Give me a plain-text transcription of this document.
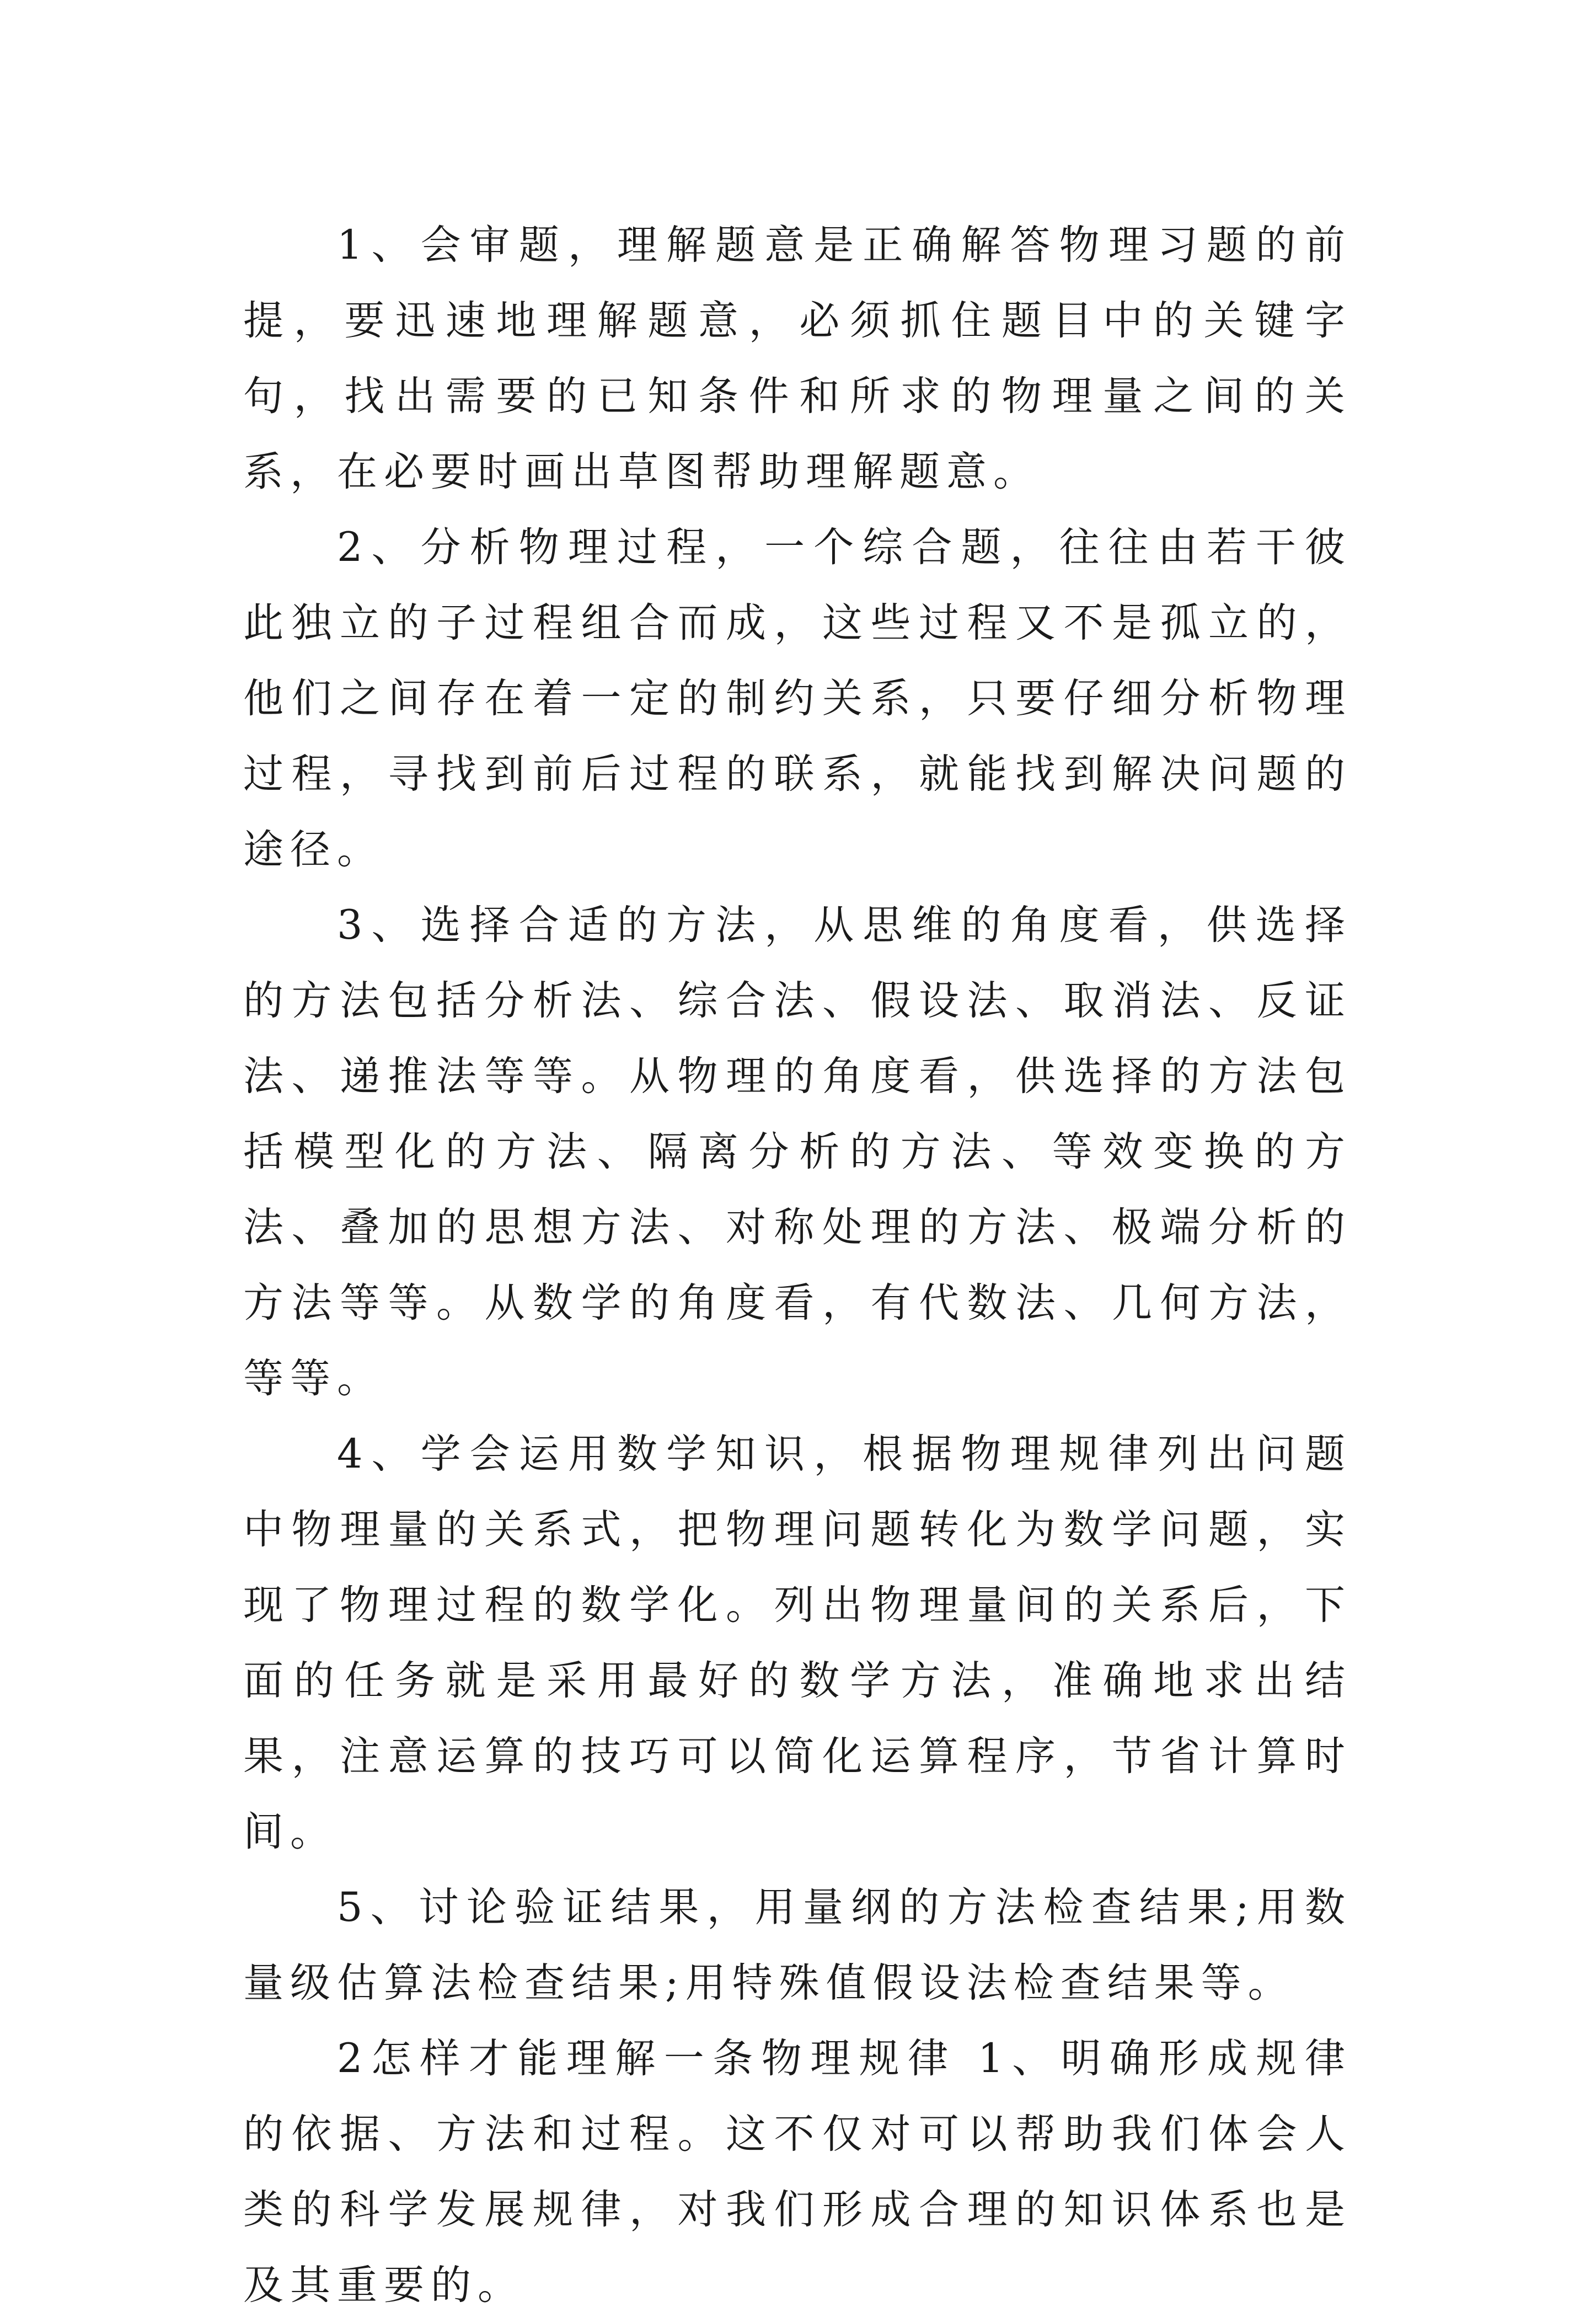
1、会审题，理解题意是正确解答物理习题的前提，要迅速地理解题意，必须抓住题目中的关键字句，找出需要的已知条件和所求的物理量之间的关系，在必要时画出草图帮助理解题意。

2、分析物理过程，一个综合题，往往由若干彼此独立的子过程组合而成，这些过程又不是孤立的，他们之间存在着一定的制约关系，只要仔细分析物理过程，寻找到前后过程的联系，就能找到解决问题的途径。

3、选择合适的方法，从思维的角度看，供选择的方法包括分析法、综合法、假设法、取消法、反证法、递推法等等。从物理的角度看，供选择的方法包括模型化的方法、隔离分析的方法、等效变换的方法、叠加的思想方法、对称处理的方法、极端分析的方法等等。从数学的角度看，有代数法、几何方法，等等。

4、学会运用数学知识，根据物理规律列出问题中物理量的关系式，把物理问题转化为数学问题，实现了物理过程的数学化。列出物理量间的关系后，下面的任务就是采用最好的数学方法，准确地求出结果，注意运算的技巧可以简化运算程序，节省计算时间。

5、讨论验证结果，用量纲的方法检查结果;用数量级估算法检查结果;用特殊值假设法检查结果等。

2怎样才能理解一条物理规律 1、明确形成规律的依据、方法和过程。这不仅对可以帮助我们体会人类的科学发展规律，对我们形成合理的知识体系也是及其重要的。
